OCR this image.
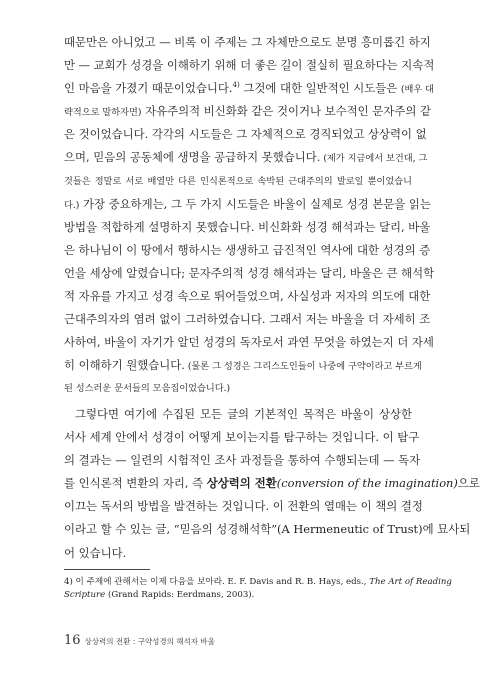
때문만은 아니었고 — 비록 이 주제는 그 자체만으로도 분명 흥미롭긴 하지
만 — 교회가 성경을 이해하기 위해 더 좋은 길이 절실히 필요하다는 지속적
인 마음을 가졌기 때문이었습니다.$^{4)}$ 그것에 대한 일반적인 시도들은 (배우 대
략적으로 말하자면) 자유주의적 비신화화 같은 것이거나 보수적인 문자주의 같
은 것이었습니다. 각각의 시도들은 그 자체적으로 경직되었고 상상력이 없
으며, 믿음의 공동체에 생명을 공급하지 못했습니다. (제가 지금에서 보건대, 그
것들은 정말로 서로 배열만 다른 인식론적으로 속박된 근대주의의 발로일 뿐이었습니
다.) 가장 중요하게는, 그 두 가지 시도들은 바울이 실제로 성경 본문을 읽는
방법을 적합하게 설명하지 못했습니다. 비신화화 성경 해석과는 달리, 바울
은 하나님이 이 땅에서 행하시는 생생하고 급진적인 역사에 대한 성경의 증
언을 세상에 알렸습니다; 문자주의적 성경 해석과는 달리, 바울은 큰 해석학
적 자유를 가지고 성경 속으로 뛰어들었으며, 사실성과 저자의 의도에 대한
근대주의자의 염려 없이 그러하였습니다. 그래서 저는 바울을 더 자세히 조
사하여, 바울이 자기가 알던 성경의 독자로서 과연 무엇을 하였는지 더 자세
히 이해하기 원했습니다. (물론 그 성경은 그리스도인들이 나중에 구약이라고 부르게
된 성스러운 문서들의 모음집이었습니다.)
그렇다면 여기에 수집된 모든 글의 기본적인 목적은 바울이 상상한
서사 세계 안에서 성경이 어떻게 보이는지를 탐구하는 것입니다. 이 탐구
의 결과는 — 일련의 시험적인 조사 과정들을 통하여 수행되는데 — 독자
를 인식론적 변환의 자리, 즉 상상력의 전환(conversion of the imagination)으로
이끄는 독서의 방법을 발견하는 것입니다. 이 전환의 열매는 이 책의 결정
이라고 할 수 있는 글, “믿음의 성경해석학”(A Hermeneutic of Trust)에 묘사되
어 있습니다.
4) 이 주제에 관해서는 이제 다음을 보아라. E. F. Davis and R. B. Hays, eds., The Art of Reading
Scripture (Grand Rapids: Eerdmans, 2003).
16 상상력의 전환 : 구약성경의 해석자 바울
